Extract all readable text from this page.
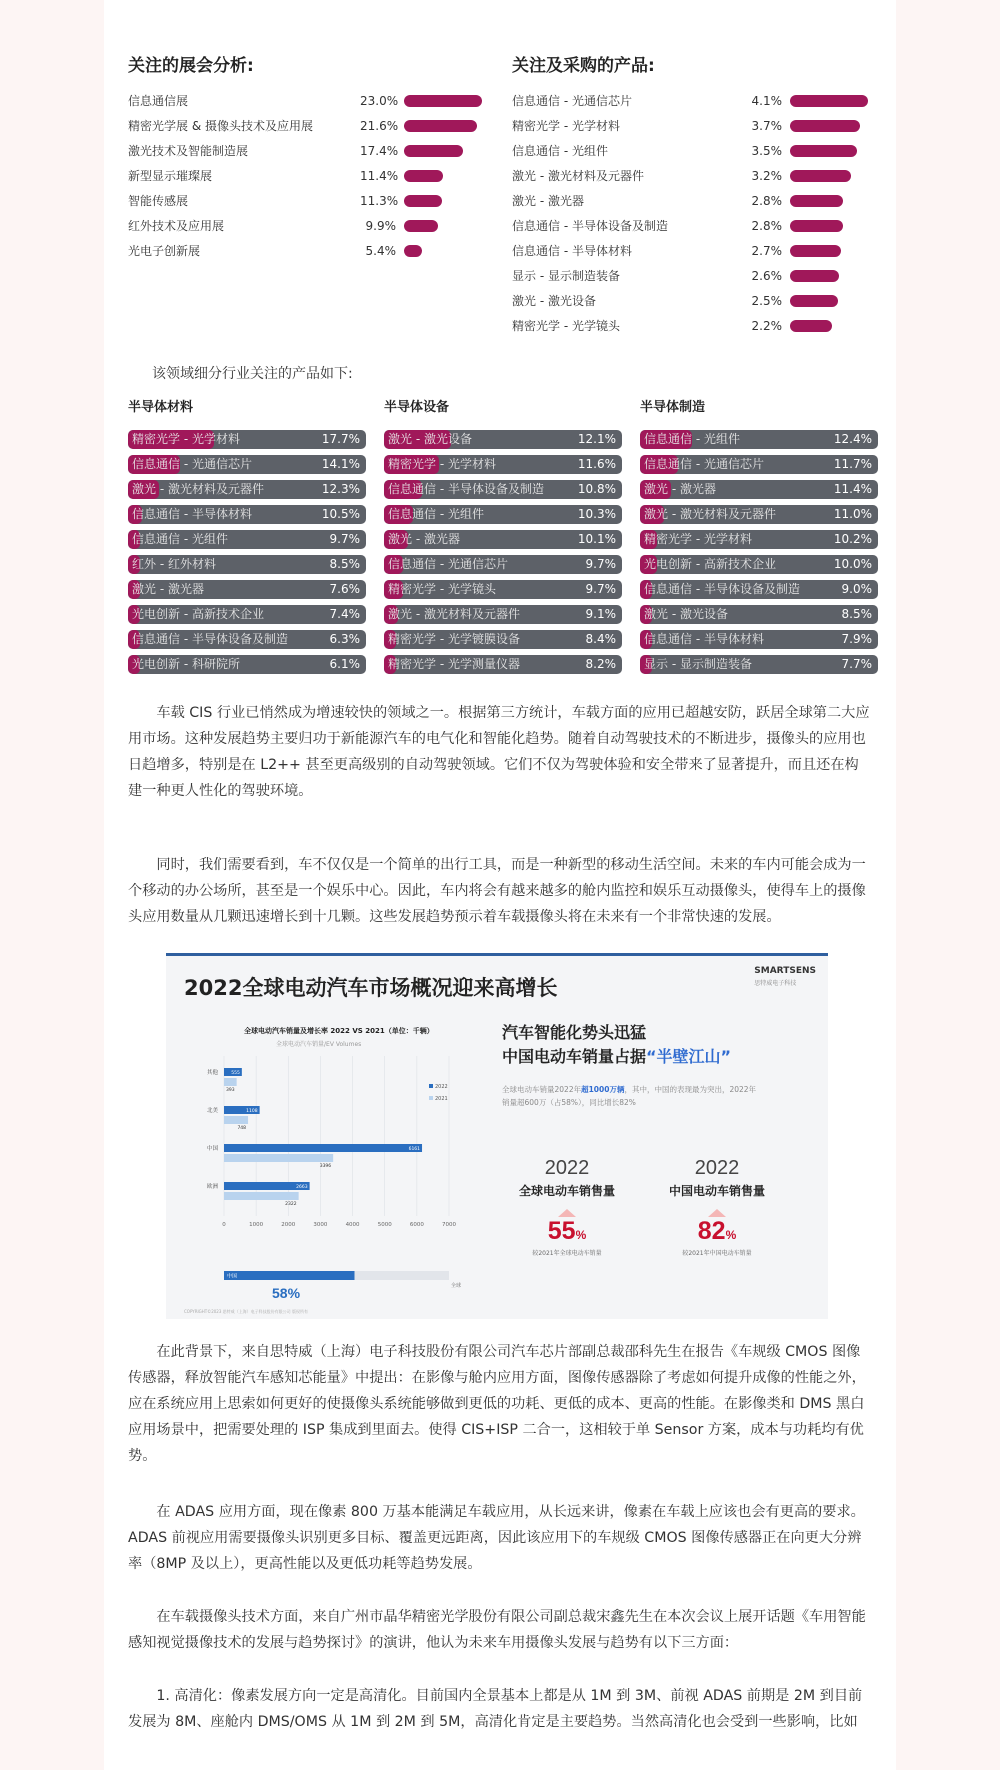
关注的展会分析:
信息通信展	23.0%
精密光学展 & 摄像头技术及应用展	21.6%
激光技术及智能制造展	17.4%
新型显示璀璨展	11.4%
智能传感展	11.3%
红外技术及应用展	9.9%
光电子创新展	5.4%
关注及采购的产品:
信息通信 - 光通信芯片	4.1%
精密光学 - 光学材料	3.7%
信息通信 - 光组件	3.5%
激光 - 激光材料及元器件	3.2%
激光 - 激光器	2.8%
信息通信 - 半导体设备及制造	2.8%
信息通信 - 半导体材料	2.7%
显示 - 显示制造装备	2.6%
激光 - 激光设备	2.5%
精密光学 - 光学镜头	2.2%
该领域细分行业关注的产品如下:
半导体材料
精密光学 - 光学材料	17.7%
信息通信 - 光通信芯片	14.1%
激光 - 激光材料及元器件	12.3%
信息通信 - 半导体材料	10.5%
信息通信 - 光组件	9.7%
红外 - 红外材料	8.5%
激光 - 激光器	7.6%
光电创新 - 高新技术企业	7.4%
信息通信 - 半导体设备及制造	6.3%
光电创新 - 科研院所	6.1%
半导体设备
激光 - 激光设备	12.1%
精密光学 - 光学材料	11.6%
信息通信 - 半导体设备及制造	10.8%
信息通信 - 光组件	10.3%
激光 - 激光器	10.1%
信息通信 - 光通信芯片	9.7%
精密光学 - 光学镜头	9.7%
激光 - 激光材料及元器件	9.1%
精密光学 - 光学镀膜设备	8.4%
精密光学 - 光学测量仪器	8.2%
半导体制造
信息通信 - 光组件	12.4%
信息通信 - 光通信芯片	11.7%
激光 - 激光器	11.4%
激光 - 激光材料及元器件	11.0%
精密光学 - 光学材料	10.2%
光电创新 - 高新技术企业	10.0%
信息通信 - 半导体设备及制造	9.0%
激光 - 激光设备	8.5%
信息通信 - 半导体材料	7.9%
显示 - 显示制造装备	7.7%

车载 CIS 行业已悄然成为增速较快的领域之一。根据第三方统计，车载方面的应用已超越安防，跃居全球第二大应用市场。这种发展趋势主要归功于新能源汽车的电气化和智能化趋势。随着自动驾驶技术的不断进步，摄像头的应用也日趋增多，特别是在 L2++ 甚至更高级别的自动驾驶领域。它们不仅为驾驶体验和安全带来了显著提升，而且还在构建一种更人性化的驾驶环境。

同时，我们需要看到，车不仅仅是一个简单的出行工具，而是一种新型的移动生活空间。未来的车内可能会成为一个移动的办公场所，甚至是一个娱乐中心。因此，车内将会有越来越多的舱内监控和娱乐互动摄像头，使得车上的摄像头应用数量从几颗迅速增长到十几颗。这些发展趋势预示着车载摄像头将在未来有一个非常快速的发展。

2022全球电动汽车市场概况迎来高增长
SMARTSENS
思特威电子科技
全球电动汽车销量及增长率 2022 VS 2021（单位：千辆）
全球电动汽车销量/EV Volumes
0	1000	2000	3000	4000	5000	6000	7000
其他	555
393
北美	1108
748
中国	6161
3396
欧洲	2663
2322
2022
2021
中国
全球
58%
汽车智能化势头迅猛
中国电动车销量占据“半壁江山”
全球电动车销量2022年超1000万辆，其中，中国的表现最为突出，2022年销量超600万（占58%），同比增长82%
2022
全球电动车销售量
55%
较2021年全球电动车销量
2022
中国电动车销售量
82%
较2021年中国电动车销量
COPYRIGHT©2023 思特威（上海）电子科技股份有限公司 版权所有

在此背景下，来自思特威（上海）电子科技股份有限公司汽车芯片部副总裁邵科先生在报告《车规级 CMOS 图像传感器，释放智能汽车感知芯能量》中提出：在影像与舱内应用方面，图像传感器除了考虑如何提升成像的性能之外，应在系统应用上思索如何更好的使摄像头系统能够做到更低的功耗、更低的成本、更高的性能。在影像类和 DMS 黑白应用场景中，把需要处理的 ISP 集成到里面去。使得 CIS+ISP 二合一，这相较于单 Sensor 方案，成本与功耗均有优势。

在 ADAS 应用方面，现在像素 800 万基本能满足车载应用，从长远来讲，像素在车载上应该也会有更高的要求。ADAS 前视应用需要摄像头识别更多目标、覆盖更远距离，因此该应用下的车规级 CMOS 图像传感器正在向更大分辨率（8MP 及以上），更高性能以及更低功耗等趋势发展。

在车载摄像头技术方面，来自广州市晶华精密光学股份有限公司副总裁宋鑫先生在本次会议上展开话题《车用智能感知视觉摄像技术的发展与趋势探讨》的演讲，他认为未来车用摄像头发展与趋势有以下三方面：

1. 高清化：像素发展方向一定是高清化。目前国内全景基本上都是从 1M 到 3M、前视 ADAS 前期是 2M 到目前发展为 8M、座舱内 DMS/OMS 从 1M 到 2M 到 5M，高清化肯定是主要趋势。当然高清化也会受到一些影响，比如
